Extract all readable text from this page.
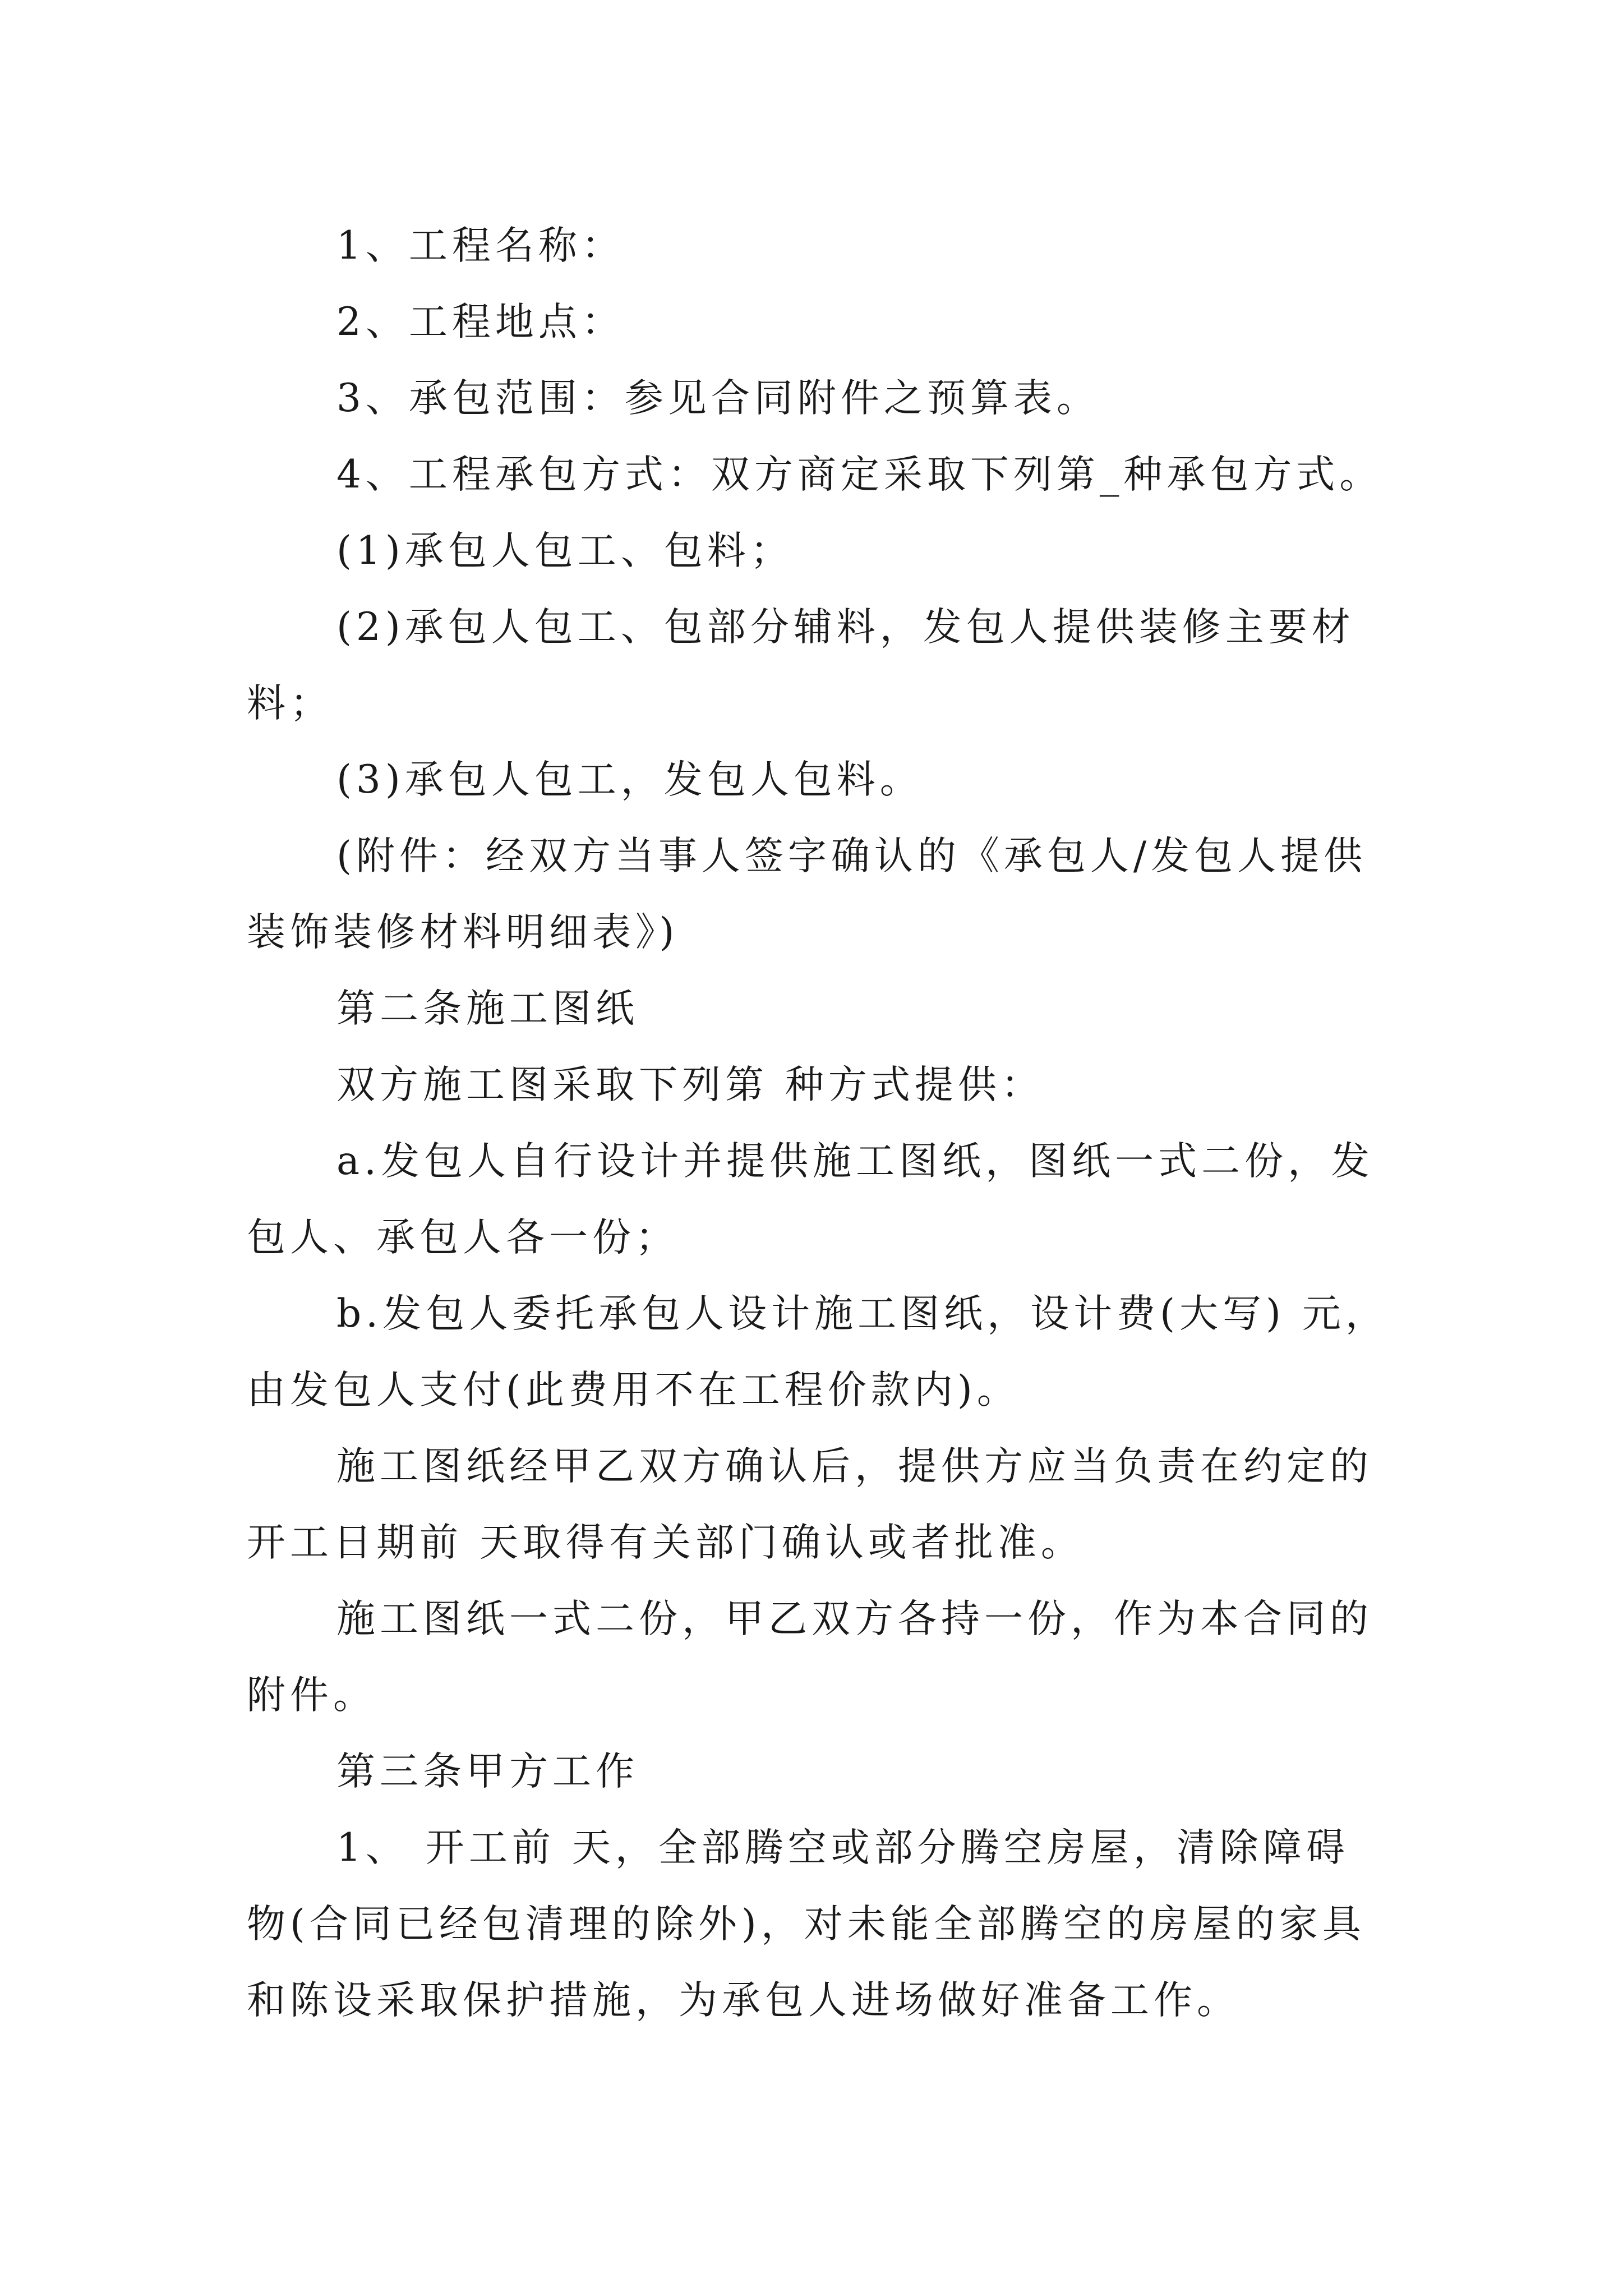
1、工程名称：

2、工程地点：

3、承包范围：参见合同附件之预算表。

4、工程承包方式：双方商定采取下列第_种承包方式。

(1)承包人包工、包料；

(2)承包人包工、包部分辅料，发包人提供装修主要材料；

(3)承包人包工，发包人包料。

(附件：经双方当事人签字确认的《承包人/发包人提供装饰装修材料明细表》)

第二条施工图纸

双方施工图采取下列第 种方式提供：

a.发包人自行设计并提供施工图纸，图纸一式二份，发包人、承包人各一份；

b.发包人委托承包人设计施工图纸，设计费(大写) 元，由发包人支付(此费用不在工程价款内)。

施工图纸经甲乙双方确认后，提供方应当负责在约定的开工日期前 天取得有关部门确认或者批准。

施工图纸一式二份，甲乙双方各持一份，作为本合同的附件。

第三条甲方工作

1、 开工前 天，全部腾空或部分腾空房屋，清除障碍物(合同已经包清理的除外)，对未能全部腾空的房屋的家具和陈设采取保护措施，为承包人进场做好准备工作。
